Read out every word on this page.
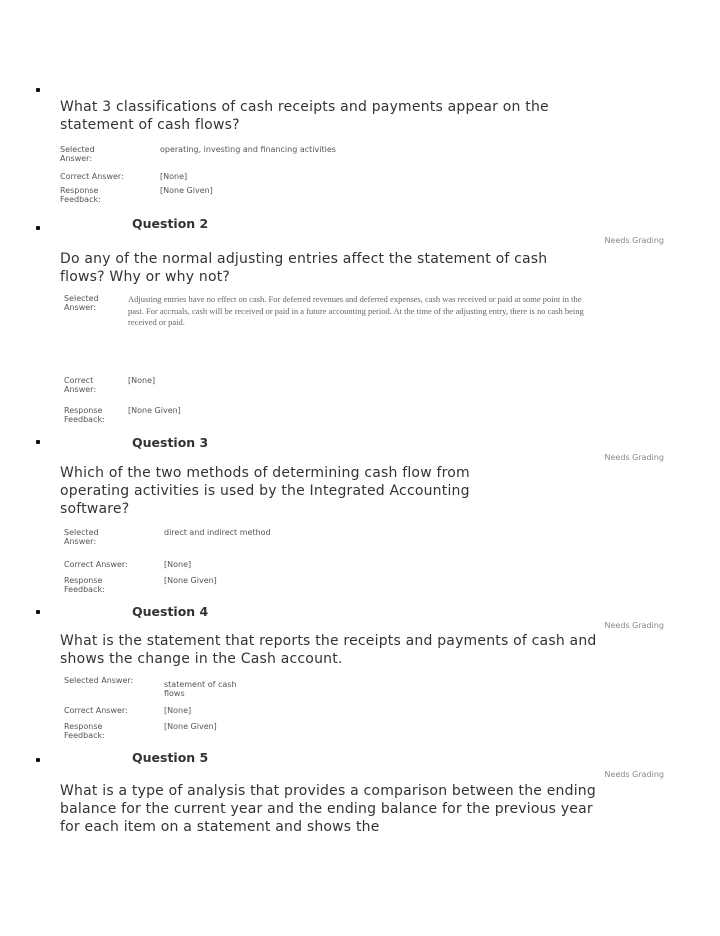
What 3 classifications of cash receipts and payments appear on the statement of cash flows?
Selected Answer:
operating, investing and financing activities
Correct Answer:	[None]
Response Feedback:
[None Given]
Question 2
Needs Grading
Do any of the normal adjusting entries affect the statement of cash flows? Why or why not?
Selected Answer:
Adjusting entries have no effect on cash. For deferred revenues and deferred expenses, cash was received or paid at some point in the past. For accruals, cash will be received or paid in a future accounting period. At the time of the adjusting entry, there is no cash being received or paid.
Correct Answer:
[None]
Response Feedback:
[None Given]
Question 3
Needs Grading
Which of the two methods of determining cash flow from operating activities is used by the Integrated Accounting software?
Selected Answer:
direct and indirect method
Correct Answer:	[None]
Response Feedback:
[None Given]
Question 4
Needs Grading
What is the statement that reports the receipts and payments of cash and shows the change in the Cash account.
Selected Answer:	statement of cash flows
Correct Answer:	[None]
Response Feedback:
[None Given]
Question 5
Needs Grading
What is a type of analysis that provides a comparison between the ending balance for the current year and the ending balance for the previous year for each item on a statement and shows the
